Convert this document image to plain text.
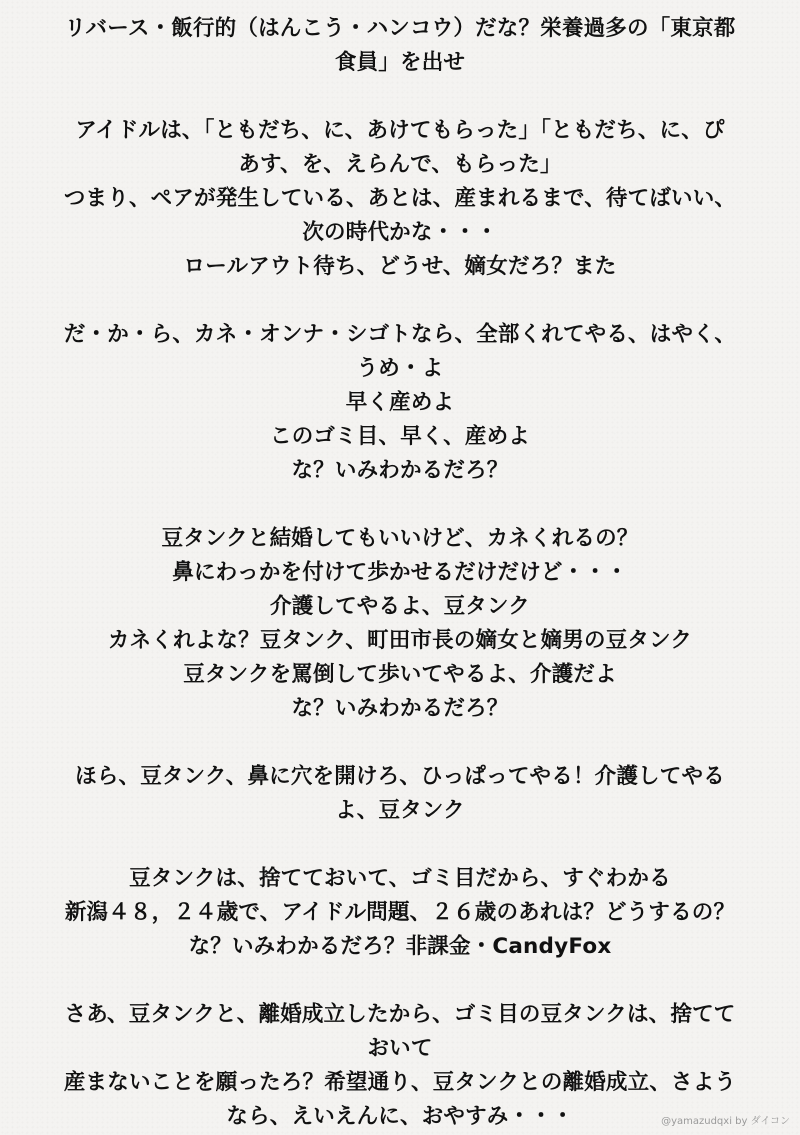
リバース・飯行的（はんこう・ハンコウ）だな？栄養過多の「東京都
食員」を出せ
アイドルは、「ともだち、に、あけてもらった」「ともだち、に、ぴ
あす、を、えらんで、もらった」
つまり、ペアが発生している、あとは、産まれるまで、待てばいい、
次の時代かな・・・
ロールアウト待ち、どうせ、嫡女だろ？また
だ・か・ら、カネ・オンナ・シゴトなら、全部くれてやる、はやく、
うめ・よ
早く産めよ
このゴミ目、早く、産めよ
な？いみわかるだろ？
豆タンクと結婚してもいいけど、カネくれるの？
鼻にわっかを付けて歩かせるだけだけど・・・
介護してやるよ、豆タンク
カネくれよな？豆タンク、町田市長の嫡女と嫡男の豆タンク
豆タンクを罵倒して歩いてやるよ、介護だよ
な？いみわかるだろ？
ほら、豆タンク、鼻に穴を開けろ、ひっぱってやる！介護してやる
よ、豆タンク
豆タンクは、捨てておいて、ゴミ目だから、すぐわかる
新潟４８，２４歳で、アイドル問題、２６歳のあれは？どうするの？
な？いみわかるだろ？非課金・CandyFox
さあ、豆タンクと、離婚成立したから、ゴミ目の豆タンクは、捨てて
おいて
産まないことを願ったろ？希望通り、豆タンクとの離婚成立、さよう
なら、えいえんに、おやすみ・・・	@yamazudqxi by ダイコン
